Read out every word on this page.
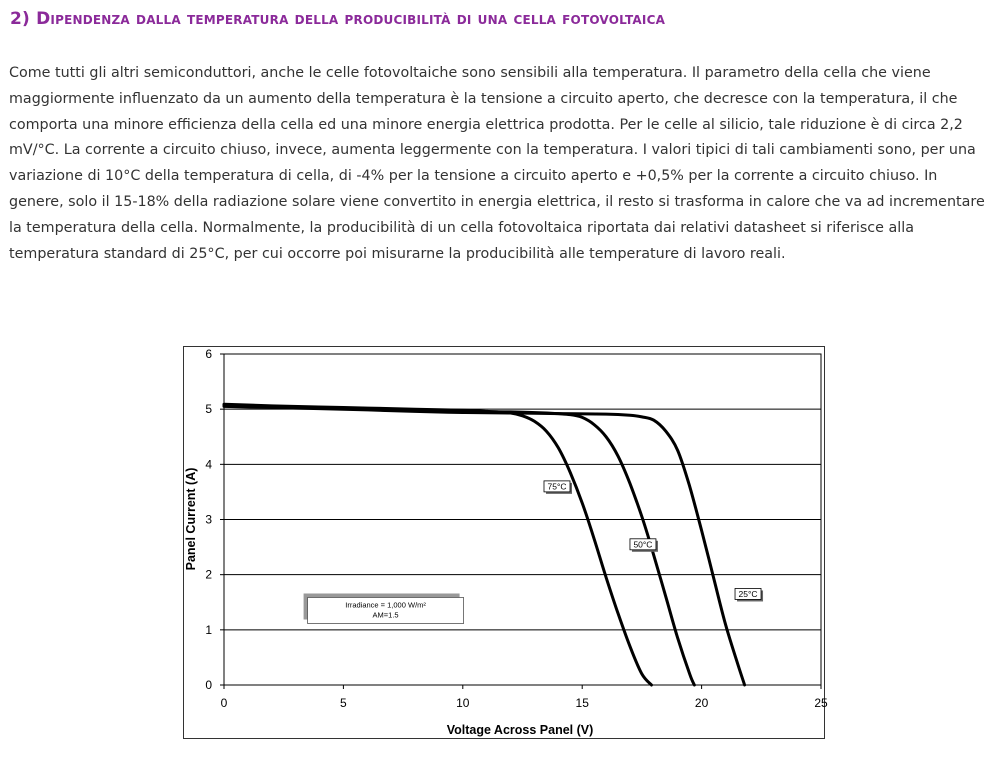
2) Dipendenza dalla temperatura della producibilità di una cella fotovoltaica

Come tutti gli altri semiconduttori, anche le celle fotovoltaiche sono sensibili alla temperatura. Il parametro della cella che viene maggiormente influenzato da un aumento della temperatura è la tensione a circuito aperto, che decresce con la temperatura, il che comporta una minore efficienza della cella ed una minore energia elettrica prodotta. Per le celle al silicio, tale riduzione è di circa 2,2 mV/°C. La corrente a circuito chiuso, invece, aumenta leggermente con la temperatura. I valori tipici di tali cambiamenti sono, per una variazione di 10°C della temperatura di cella, di -4% per la tensione a circuito aperto e +0,5% per la corrente a circuito chiuso. In genere, solo il 15-18% della radiazione solare viene convertito in energia elettrica, il resto si trasforma in calore che va ad incrementare la temperatura della cella. Normalmente, la producibilità di un cella fotovoltaica riportata dai relativi datasheet si riferisce alla temperatura standard di 25°C, per cui occorre poi misurarne la producibilità alle temperature di lavoro reali.

0
1
2
3
4
5
6
0	5	10	15	20	25
25°C
50°C
75°C
Irradiance = 1,000 W/m²
AM=1.5
Voltage Across Panel (V)
Panel Current (A)
